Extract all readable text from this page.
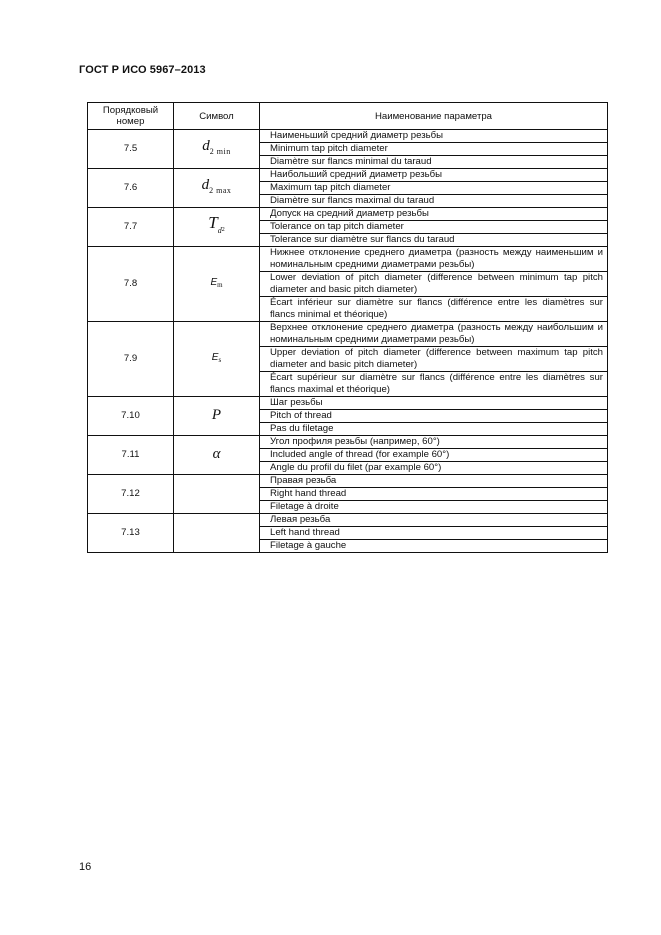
ГОСТ Р ИСО 5967–2013
Порядковый номер	Символ	Наименование параметра
7.5	$d_{2 min}$	Наименьший средний диаметр резьбы
		Minimum tap pitch diameter
		Diamètre sur flancs minimal du taraud
7.6	$d_{2 max}$	Наибольший средний диаметр резьбы
		Maximum tap pitch diameter
		Diamètre sur flancs maximal du taraud
7.7	$T_{d2}$	Допуск на средний диаметр резьбы
		Tolerance on tap pitch diameter
		Tolerance sur diamètre sur flancs du taraud
7.8	$E_m$	Нижнее отклонение среднего диаметра (разность между наименьшим и номинальным средними диаметрами резьбы)
		Lower deviation of pitch diameter (difference between minimum tap pitch diameter and basic pitch diameter)
		Écart inférieur sur diamètre sur flancs (différence entre les diamètres sur flancs minimal et théorique)
7.9	$E_s$	Верхнее отклонение среднего диаметра (разность между наибольшим и номинальным средними диаметрами резьбы)
		Upper deviation of pitch diameter (difference between maximum tap pitch diameter and basic pitch diameter)
		Écart supérieur sur diamètre sur flancs (différence entre les diamètres sur flancs maximal et théorique)
7.10	P	Шаг резьбы
		Pitch of thread
		Pas du filetage
7.11	α	Угол профиля резьбы (например, 60°)
		Included angle of thread (for example 60°)
		Angle du profil du filet (par example 60°)
7.12		Правая резьба
		Right hand thread
		Filetage à droite
7.13		Левая резьба
		Left hand thread
		Filetage à gauche
16
